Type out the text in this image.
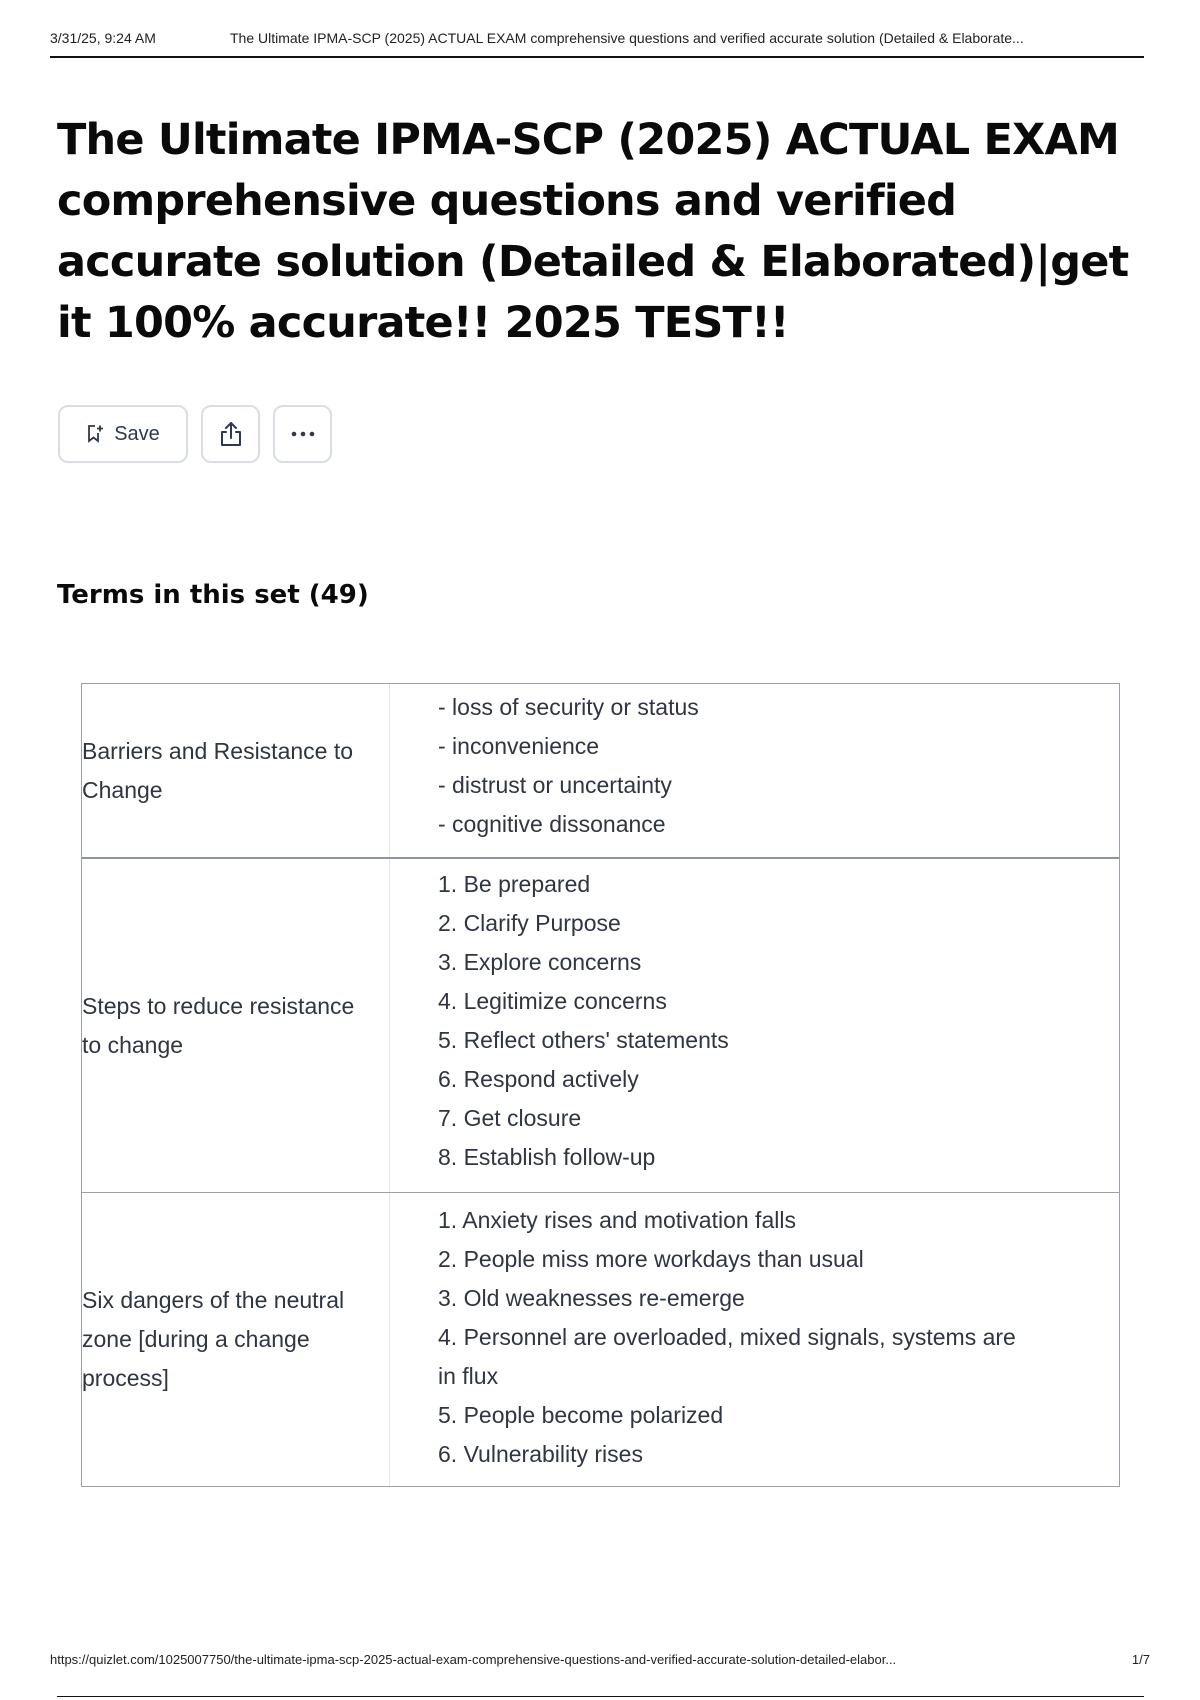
3/31/25, 9:24 AM	The Ultimate IPMA-SCP (2025) ACTUAL EXAM comprehensive questions and verified accurate solution (Detailed & Elaborate...
The Ultimate IPMA-SCP (2025) ACTUAL EXAM comprehensive questions and verified accurate solution (Detailed & Elaborated)|get it 100% accurate!! 2025 TEST!!
Save
Terms in this set (49)
Barriers and Resistance to Change
- loss of security or status
- inconvenience
- distrust or uncertainty
- cognitive dissonance
Steps to reduce resistance to change
1. Be prepared
2. Clarify Purpose
3. Explore concerns
4. Legitimize concerns
5. Reflect others' statements
6. Respond actively
7. Get closure
8. Establish follow-up
Six dangers of the neutral zone [during a change process]
1. Anxiety rises and motivation falls
2. People miss more workdays than usual
3. Old weaknesses re-emerge
4. Personnel are overloaded, mixed signals, systems are in flux
5. People become polarized
6. Vulnerability rises
https://quizlet.com/1025007750/the-ultimate-ipma-scp-2025-actual-exam-comprehensive-questions-and-verified-accurate-solution-detailed-elabor...	1/7
